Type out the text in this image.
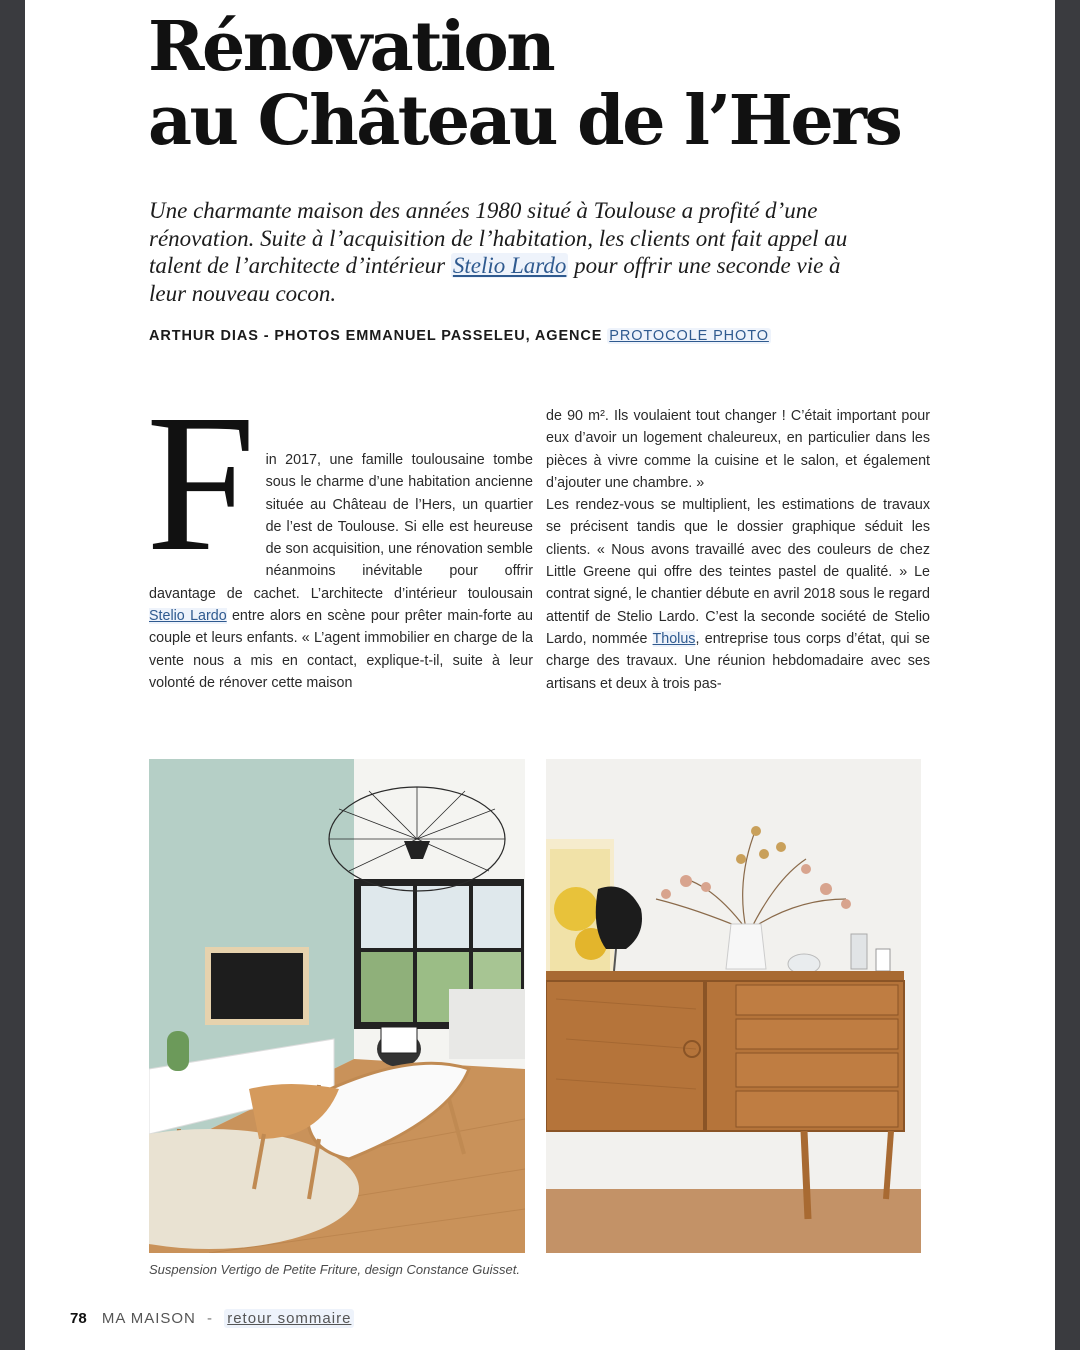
Rénovation
au Château de l’Hers

Une charmante maison des années 1980 situé à Toulouse a profité d’une rénovation. Suite à l’acquisition de l’habitation, les clients ont fait appel au talent de l’architecte d’intérieur Stelio Lardo pour offrir une seconde vie à leur nouveau cocon.

ARTHUR DIAS - PHOTOS EMMANUEL PASSELEU, AGENCE PROTOCOLE PHOTO

F in 2017, une famille toulousaine tombe sous le charme d’une habitation ancienne située au Château de l’Hers, un quartier de l’est de Toulouse. Si elle est heureuse de son acquisition, une rénovation semble néanmoins inévitable pour offrir davantage de cachet. L’architecte d’intérieur toulousain Stelio Lardo entre alors en scène pour prêter main-forte au couple et leurs enfants. « L’agent immobilier en charge de la vente nous a mis en contact, explique-t-il, suite à leur volonté de rénover cette maison

de 90 m². Ils voulaient tout changer ! C’était important pour eux d’avoir un logement chaleureux, en particulier dans les pièces à vivre comme la cuisine et le salon, et également d’ajouter une chambre. »

Les rendez-vous se multiplient, les estimations de travaux se précisent tandis que le dossier graphique séduit les clients. « Nous avons travaillé avec des couleurs de chez Little Greene qui offre des teintes pastel de qualité. » Le contrat signé, le chantier débute en avril 2018 sous le regard attentif de Stelio Lardo. C’est la seconde société de Stelio Lardo, nommée Tholus, entreprise tous corps d’état, qui se charge des travaux. Une réunion hebdomadaire avec ses artisans et deux à trois pas-

Suspension Vertigo de Petite Friture, design Constance Guisset.

78 MA MAISON - retour sommaire
